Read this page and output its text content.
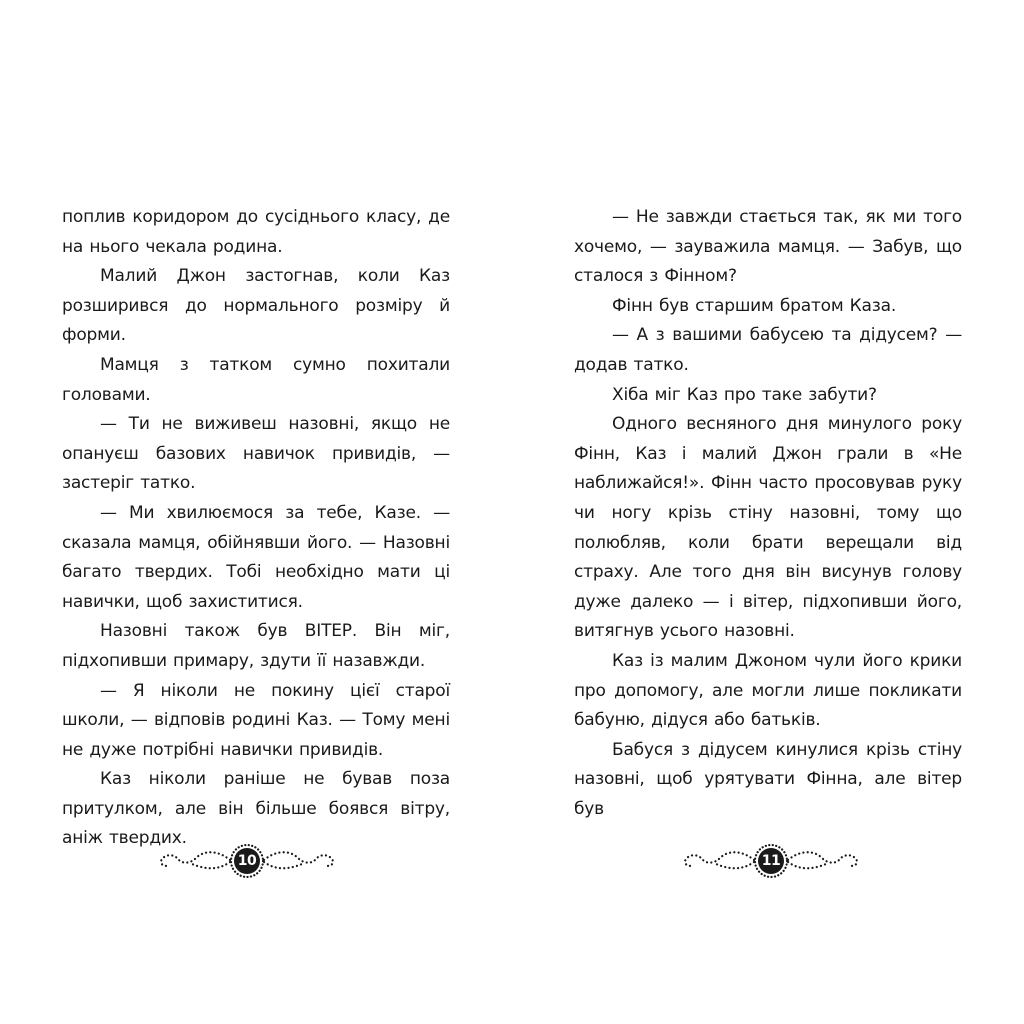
поплив коридором до сусіднього класу, де на нього чекала родина.

Малий Джон застогнав, коли Каз розширився до нормального розміру й форми.

Мамця з татком сумно похитали головами.

— Ти не виживеш назовні, якщо не опануєш базових навичок привидів, — застеріг татко.

— Ми хвилюємося за тебе, Казе. — сказала мамця, обійнявши його. — Назовні багато твердих. Тобі необхідно мати ці навички, щоб захиститися.

Назовні також був ВІТЕР. Він міг, підхопивши примару, здути її назавжди.

— Я ніколи не покину цієї старої школи, — відповів родині Каз. — Тому мені не дуже потрібні навички привидів.

Каз ніколи раніше не бував поза притулком, але він більше боявся вітру, аніж твердих.

— Не завжди стається так, як ми того хочемо, — зауважила мамця. — Забув, що сталося з Фінном?

Фінн був старшим братом Каза.

— А з вашими бабусею та дідусем? — додав татко.

Хіба міг Каз про таке забути?

Одного весняного дня минулого року Фінн, Каз і малий Джон грали в «Не наближайся!». Фінн часто просовував руку чи ногу крізь стіну назовні, тому що полюбляв, коли брати верещали від страху. Але того дня він висунув голову дуже далеко — і вітер, підхопивши його, витягнув усього назовні.

Каз із малим Джоном чули його крики про допомогу, але могли лише покликати бабуню, дідуся або батьків.

Бабуся з дідусем кинулися крізь стіну назовні, щоб урятувати Фінна, але вітер був

10	11
